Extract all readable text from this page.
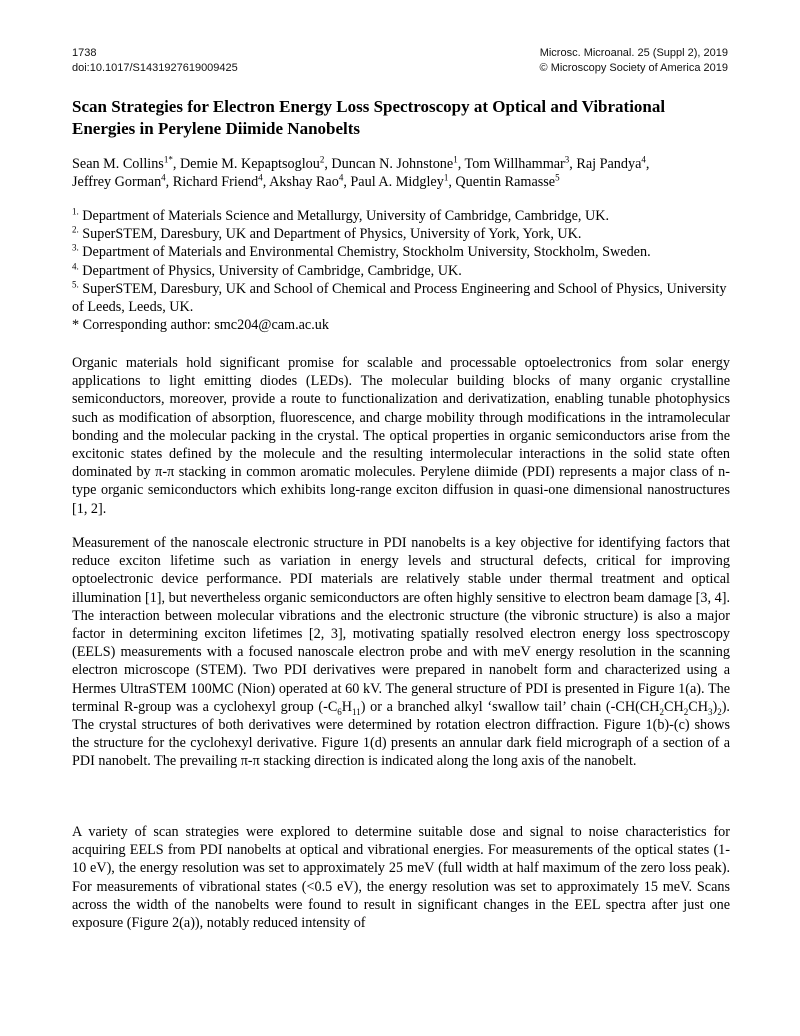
1738
doi:10.1017/S1431927619009425
Microsc. Microanal. 25 (Suppl 2), 2019
© Microscopy Society of America 2019
Scan Strategies for Electron Energy Loss Spectroscopy at Optical and Vibrational Energies in Perylene Diimide Nanobelts
Sean M. Collins$^{1*}$, Demie M. Kepaptsoglou$^2$, Duncan N. Johnstone$^1$, Tom Willhammar$^3$, Raj Pandya$^4$,
Jeffrey Gorman$^4$, Richard Friend$^4$, Akshay Rao$^4$, Paul A. Midgley$^1$, Quentin Ramasse$^5$

$^{1.}$ Department of Materials Science and Metallurgy, University of Cambridge, Cambridge, UK.

$^{2.}$ SuperSTEM, Daresbury, UK and Department of Physics, University of York, York, UK.

$^{3.}$ Department of Materials and Environmental Chemistry, Stockholm University, Stockholm, Sweden.

$^{4.}$ Department of Physics, University of Cambridge, Cambridge, UK.

$^{5.}$ SuperSTEM, Daresbury, UK and School of Chemical and Process Engineering and School of Physics, University of Leeds, Leeds, UK.

* Corresponding author: smc204@cam.ac.uk

Organic materials hold significant promise for scalable and processable optoelectronics from solar energy applications to light emitting diodes (LEDs). The molecular building blocks of many organic crystalline semiconductors, moreover, provide a route to functionalization and derivatization, enabling tunable photophysics such as modification of absorption, fluorescence, and charge mobility through modifications in the intramolecular bonding and the molecular packing in the crystal. The optical properties in organic semiconductors arise from the excitonic states defined by the molecule and the resulting intermolecular interactions in the solid state often dominated by π-π stacking in common aromatic molecules. Perylene diimide (PDI) represents a major class of n-type organic semiconductors which exhibits long-range exciton diffusion in quasi-one dimensional nanostructures [1, 2].

Measurement of the nanoscale electronic structure in PDI nanobelts is a key objective for identifying factors that reduce exciton lifetime such as variation in energy levels and structural defects, critical for improving optoelectronic device performance. PDI materials are relatively stable under thermal treatment and optical illumination [1], but nevertheless organic semiconductors are often highly sensitive to electron beam damage [3, 4]. The interaction between molecular vibrations and the electronic structure (the vibronic structure) is also a major factor in determining exciton lifetimes [2, 3], motivating spatially resolved electron energy loss spectroscopy (EELS) measurements with a focused nanoscale electron probe and with meV energy resolution in the scanning electron microscope (STEM). Two PDI derivatives were prepared in nanobelt form and characterized using a Hermes UltraSTEM 100MC (Nion) operated at 60 kV. The general structure of PDI is presented in Figure 1(a). The terminal R-group was a cyclohexyl group $(-C_6H_{11})$ or a branched alkyl ‘swallow tail’ chain $(-CH(CH_2CH_2CH_3)_2)$. The crystal structures of both derivatives were determined by rotation electron diffraction. Figure 1(b)-(c) shows the structure for the cyclohexyl derivative. Figure 1(d) presents an annular dark field micrograph of a section of a PDI nanobelt. The prevailing π-π stacking direction is indicated along the long axis of the nanobelt.

A variety of scan strategies were explored to determine suitable dose and signal to noise characteristics for acquiring EELS from PDI nanobelts at optical and vibrational energies. For measurements of the optical states (1-10 eV), the energy resolution was set to approximately 25 meV (full width at half maximum of the zero loss peak). For measurements of vibrational states (<0.5 eV), the energy resolution was set to approximately 15 meV. Scans across the width of the nanobelts were found to result in significant changes in the EEL spectra after just one exposure (Figure 2(a)), notably reduced intensity of
